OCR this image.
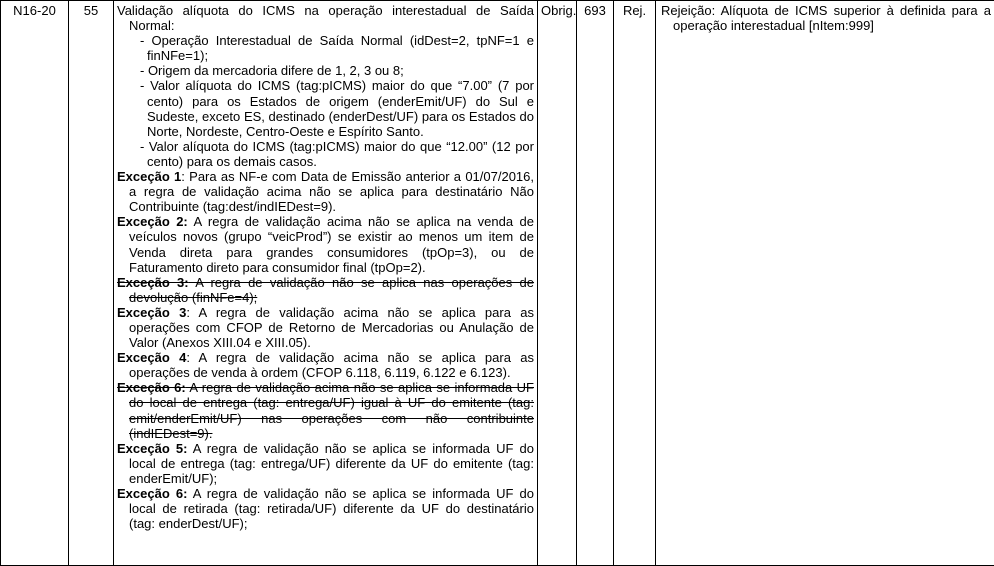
N16-20	55	Validação alíquota do ICMS na operação interestadual de Saída Normal:

- Operação Interestadual de Saída Normal (idDest=2, tpNF=1 e finNFe=1);

- Origem da mercadoria difere de 1, 2, 3 ou 8;

- Valor alíquota do ICMS (tag:pICMS) maior do que “7.00” (7 por cento) para os Estados de origem (enderEmit/UF) do Sul e Sudeste, exceto ES, destinado (enderDest/UF) para os Estados do Norte, Nordeste, Centro-Oeste e Espírito Santo.

- Valor alíquota do ICMS (tag:pICMS) maior do que “12.00” (12 por cento) para os demais casos.

Exceção 1: Para as NF-e com Data de Emissão anterior a 01/07/2016, a regra de validação acima não se aplica para destinatário Não Contribuinte (tag:dest/indIEDest=9).

Exceção 2: A regra de validação acima não se aplica na venda de veículos novos (grupo “veicProd”) se existir ao menos um item de Venda direta para grandes consumidores (tpOp=3), ou de Faturamento direto para consumidor final (tpOp=2).

Exceção 3: A regra de validação não se aplica nas operações de devolução (finNFe=4);

Exceção 3: A regra de validação acima não se aplica para as operações com CFOP de Retorno de Mercadorias ou Anulação de Valor (Anexos XIII.04 e XIII.05).

Exceção 4: A regra de validação acima não se aplica para as operações de venda à ordem (CFOP 6.118, 6.119, 6.122 e 6.123).

Exceção 6: A regra de validação acima não se aplica se informada UF do local de entrega (tag: entrega/UF) igual à UF do emitente (tag: emit/enderEmit/UF) nas operações com não contribuinte (indIEDest=9).

Exceção 5: A regra de validação não se aplica se informada UF do local de entrega (tag: entrega/UF) diferente da UF do emitente (tag: enderEmit/UF);

Exceção 6: A regra de validação não se aplica se informada UF do local de retirada (tag: retirada/UF) diferente da UF do destinatário (tag: enderDest/UF);

	Obrig.	693	Rej.	Rejeição: Alíquota de ICMS superior à definida para a operação interestadual [nItem:999]
